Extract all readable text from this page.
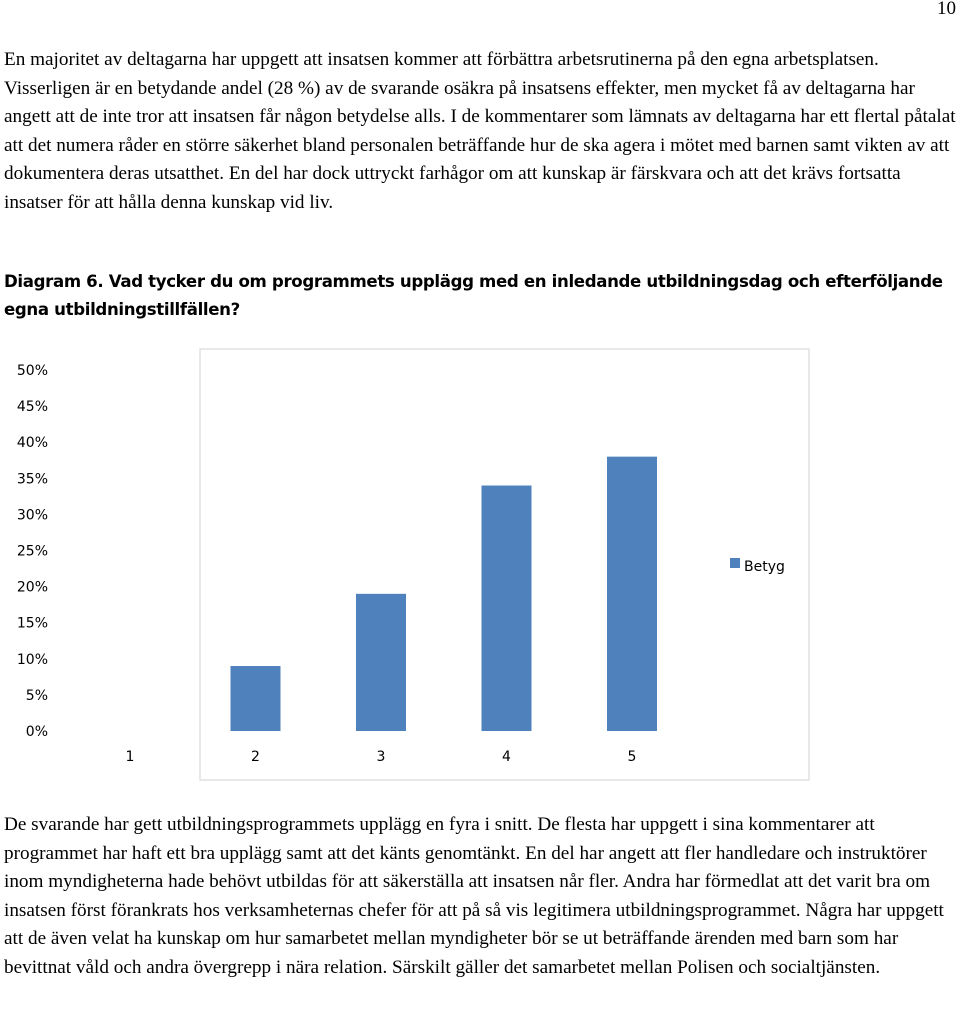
10

En majoritet av deltagarna har uppgett att insatsen kommer att förbättra arbetsrutinerna på den egna arbetsplatsen. Visserligen är en betydande andel (28 %) av de svarande osäkra på insatsens effekter, men mycket få av deltagarna har angett att de inte tror att insatsen får någon betydelse alls. I de kommentarer som lämnats av deltagarna har ett flertal påtalat att det numera råder en större säkerhet bland personalen beträffande hur de ska agera i mötet med barnen samt vikten av att dokumentera deras utsatthet. En del har dock uttryckt farhågor om att kunskap är färskvara och att det krävs fortsatta insatser för att hålla denna kunskap vid liv.

Diagram 6. Vad tycker du om programmets upplägg med en inledande utbildningsdag och efterföljande egna utbildningstillfällen?

0%
5%
10%
15%
20%
25%
30%
35%
40%
45%
50%
1	2	3	4	5
Betyg

De svarande har gett utbildningsprogrammets upplägg en fyra i snitt. De flesta har uppgett i sina kommentarer att programmet har haft ett bra upplägg samt att det känts genomtänkt. En del har angett att fler handledare och instruktörer inom myndigheterna hade behövt utbildas för att säkerställa att insatsen når fler. Andra har förmedlat att det varit bra om insatsen först förankrats hos verksamheternas chefer för att på så vis legitimera utbildningsprogrammet. Några har uppgett att de även velat ha kunskap om hur samarbetet mellan myndigheter bör se ut beträffande ärenden med barn som har bevittnat våld och andra övergrepp i nära relation. Särskilt gäller det samarbetet mellan Polisen och socialtjänsten.
